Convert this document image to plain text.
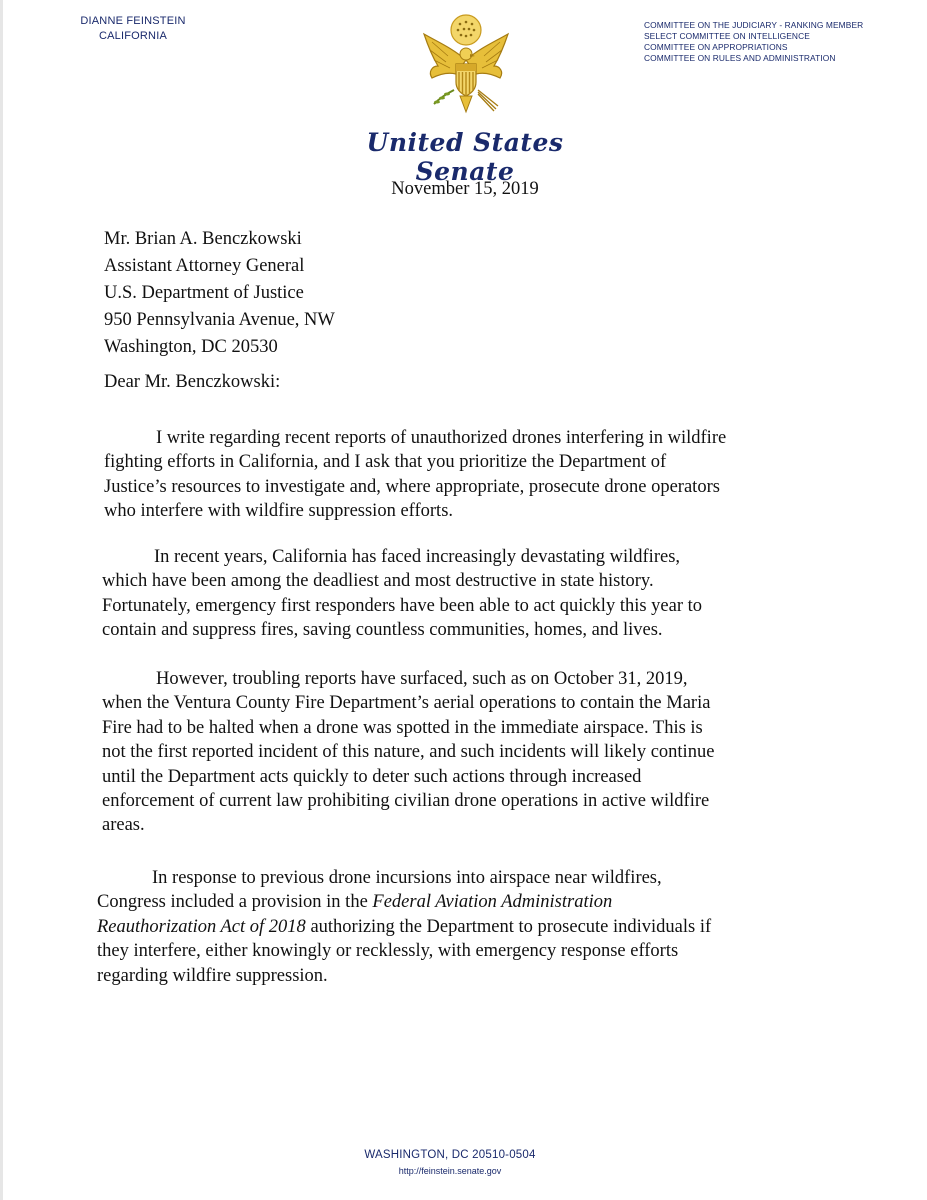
DIANNE FEINSTEIN
CALIFORNIA
COMMITTEE ON THE JUDICIARY - RANKING MEMBER
SELECT COMMITTEE ON INTELLIGENCE
COMMITTEE ON APPROPRIATIONS
COMMITTEE ON RULES AND ADMINISTRATION
United States Senate
November 15, 2019
Mr. Brian A. Benczkowski
Assistant Attorney General
U.S. Department of Justice
950 Pennsylvania Avenue, NW
Washington, DC 20530
Dear Mr. Benczkowski:
I write regarding recent reports of unauthorized drones interfering in wildfire
fighting efforts in California, and I ask that you prioritize the Department of
Justice’s resources to investigate and, where appropriate, prosecute drone operators
who interfere with wildfire suppression efforts.
In recent years, California has faced increasingly devastating wildfires,
which have been among the deadliest and most destructive in state history.
Fortunately, emergency first responders have been able to act quickly this year to
contain and suppress fires, saving countless communities, homes, and lives.
However, troubling reports have surfaced, such as on October 31, 2019,
when the Ventura County Fire Department’s aerial operations to contain the Maria
Fire had to be halted when a drone was spotted in the immediate airspace. This is
not the first reported incident of this nature, and such incidents will likely continue
until the Department acts quickly to deter such actions through increased
enforcement of current law prohibiting civilian drone operations in active wildfire
areas.
In response to previous drone incursions into airspace near wildfires,
Congress included a provision in the Federal Aviation Administration
Reauthorization Act of 2018 authorizing the Department to prosecute individuals if
they interfere, either knowingly or recklessly, with emergency response efforts
regarding wildfire suppression.
WASHINGTON, DC 20510-0504
http://feinstein.senate.gov
